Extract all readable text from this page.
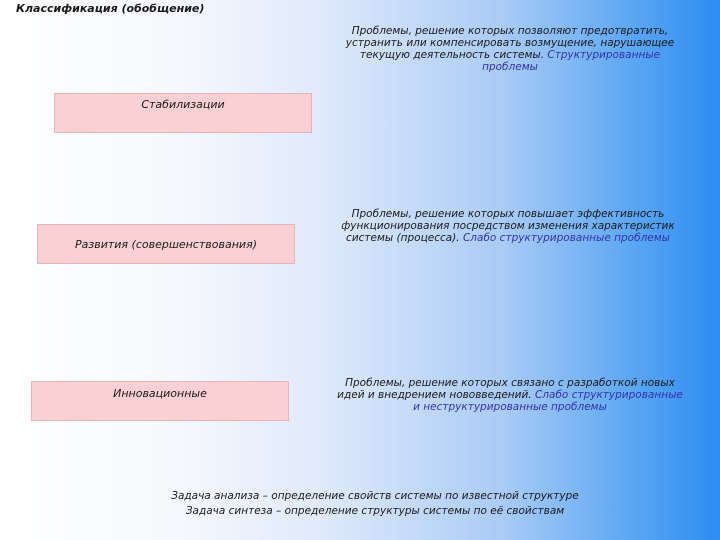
Классификация (обобщение)
Проблемы, решение которых позволяют предотвратить, устранить или компенсировать возмущение, нарушающее текущую деятельность системы. Структурированные проблемы
Стабилизации
Развития (совершенствования)
Проблемы, решение которых повышает эффективность функционирования посредством изменения характеристик системы (процесса). Слабо структурированные проблемы
Инновационные
Проблемы, решение которых связано с разработкой новых идей и внедрением нововведений. Слабо структурированные и неструктурированные проблемы
Задача анализа – определение свойств системы по известной структуре
Задача синтеза – определение структуры системы по её свойствам
